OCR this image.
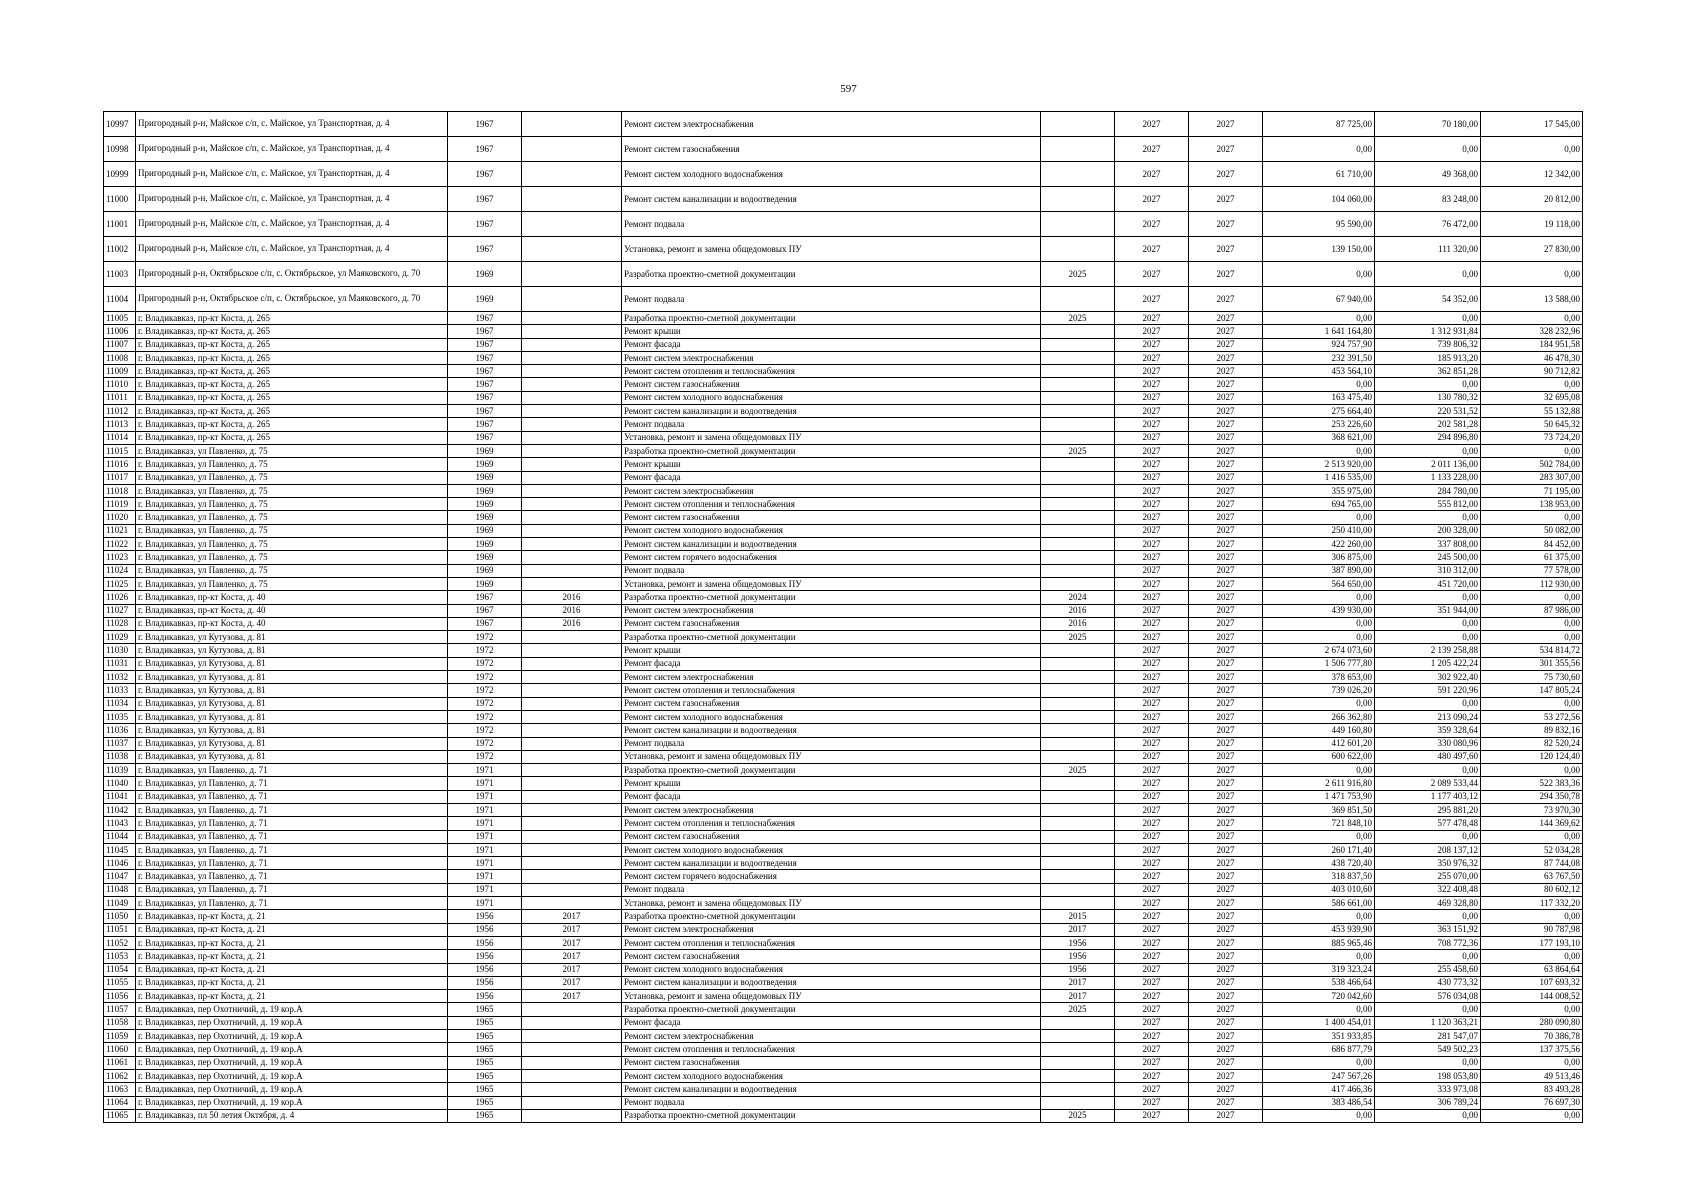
597
10997	Пригородный р-н, Майское с/п, с. Майское, ул Транспортная, д. 4	1967		Ремонт систем электроснабжения		2027	2027	87 725,00	70 180,00	17 545,00
10998	Пригородный р-н, Майское с/п, с. Майское, ул Транспортная, д. 4	1967		Ремонт систем газоснабжения		2027	2027	0,00	0,00	0,00
10999	Пригородный р-н, Майское с/п, с. Майское, ул Транспортная, д. 4	1967		Ремонт систем холодного водоснабжения		2027	2027	61 710,00	49 368,00	12 342,00
11000	Пригородный р-н, Майское с/п, с. Майское, ул Транспортная, д. 4	1967		Ремонт систем канализации и водоотведения		2027	2027	104 060,00	83 248,00	20 812,00
11001	Пригородный р-н, Майское с/п, с. Майское, ул Транспортная, д. 4	1967		Ремонт подвала		2027	2027	95 590,00	76 472,00	19 118,00
11002	Пригородный р-н, Майское с/п, с. Майское, ул Транспортная, д. 4	1967		Установка, ремонт и замена общедомовых ПУ		2027	2027	139 150,00	111 320,00	27 830,00
11003	Пригородный р-н, Октябрьское с/п, с. Октябрьское, ул Маяковского, д. 70	1969		Разработка проектно-сметной документации	2025	2027	2027	0,00	0,00	0,00
11004	Пригородный р-н, Октябрьское с/п, с. Октябрьское, ул Маяковского, д. 70	1969		Ремонт подвала		2027	2027	67 940,00	54 352,00	13 588,00
11005	г. Владикавказ, пр-кт Коста, д. 265	1967		Разработка проектно-сметной документации	2025	2027	2027	0,00	0,00	0,00
11006	г. Владикавказ, пр-кт Коста, д. 265	1967		Ремонт крыши		2027	2027	1 641 164,80	1 312 931,84	328 232,96
11007	г. Владикавказ, пр-кт Коста, д. 265	1967		Ремонт фасада		2027	2027	924 757,90	739 806,32	184 951,58
11008	г. Владикавказ, пр-кт Коста, д. 265	1967		Ремонт систем электроснабжения		2027	2027	232 391,50	185 913,20	46 478,30
11009	г. Владикавказ, пр-кт Коста, д. 265	1967		Ремонт систем отопления и теплоснабжения		2027	2027	453 564,10	362 851,28	90 712,82
11010	г. Владикавказ, пр-кт Коста, д. 265	1967		Ремонт систем газоснабжения		2027	2027	0,00	0,00	0,00
11011	г. Владикавказ, пр-кт Коста, д. 265	1967		Ремонт систем холодного водоснабжения		2027	2027	163 475,40	130 780,32	32 695,08
11012	г. Владикавказ, пр-кт Коста, д. 265	1967		Ремонт систем канализации и водоотведения		2027	2027	275 664,40	220 531,52	55 132,88
11013	г. Владикавказ, пр-кт Коста, д. 265	1967		Ремонт подвала		2027	2027	253 226,60	202 581,28	50 645,32
11014	г. Владикавказ, пр-кт Коста, д. 265	1967		Установка, ремонт и замена общедомовых ПУ		2027	2027	368 621,00	294 896,80	73 724,20
11015	г. Владикавказ, ул Павленко, д. 75	1969		Разработка проектно-сметной документации	2025	2027	2027	0,00	0,00	0,00
11016	г. Владикавказ, ул Павленко, д. 75	1969		Ремонт крыши		2027	2027	2 513 920,00	2 011 136,00	502 784,00
11017	г. Владикавказ, ул Павленко, д. 75	1969		Ремонт фасада		2027	2027	1 416 535,00	1 133 228,00	283 307,00
11018	г. Владикавказ, ул Павленко, д. 75	1969		Ремонт систем электроснабжения		2027	2027	355 975,00	284 780,00	71 195,00
11019	г. Владикавказ, ул Павленко, д. 75	1969		Ремонт систем отопления и теплоснабжения		2027	2027	694 765,00	555 812,00	138 953,00
11020	г. Владикавказ, ул Павленко, д. 75	1969		Ремонт систем газоснабжения		2027	2027	0,00	0,00	0,00
11021	г. Владикавказ, ул Павленко, д. 75	1969		Ремонт систем холодного водоснабжения		2027	2027	250 410,00	200 328,00	50 082,00
11022	г. Владикавказ, ул Павленко, д. 75	1969		Ремонт систем канализации и водоотведения		2027	2027	422 260,00	337 808,00	84 452,00
11023	г. Владикавказ, ул Павленко, д. 75	1969		Ремонт систем горячего водоснабжения		2027	2027	306 875,00	245 500,00	61 375,00
11024	г. Владикавказ, ул Павленко, д. 75	1969		Ремонт подвала		2027	2027	387 890,00	310 312,00	77 578,00
11025	г. Владикавказ, ул Павленко, д. 75	1969		Установка, ремонт и замена общедомовых ПУ		2027	2027	564 650,00	451 720,00	112 930,00
11026	г. Владикавказ, пр-кт Коста, д. 40	1967	2016	Разработка проектно-сметной документации	2024	2027	2027	0,00	0,00	0,00
11027	г. Владикавказ, пр-кт Коста, д. 40	1967	2016	Ремонт систем электроснабжения	2016	2027	2027	439 930,00	351 944,00	87 986,00
11028	г. Владикавказ, пр-кт Коста, д. 40	1967	2016	Ремонт систем газоснабжения	2016	2027	2027	0,00	0,00	0,00
11029	г. Владикавказ, ул Кутузова, д. 81	1972		Разработка проектно-сметной документации	2025	2027	2027	0,00	0,00	0,00
11030	г. Владикавказ, ул Кутузова, д. 81	1972		Ремонт крыши		2027	2027	2 674 073,60	2 139 258,88	534 814,72
11031	г. Владикавказ, ул Кутузова, д. 81	1972		Ремонт фасада		2027	2027	1 506 777,80	1 205 422,24	301 355,56
11032	г. Владикавказ, ул Кутузова, д. 81	1972		Ремонт систем электроснабжения		2027	2027	378 653,00	302 922,40	75 730,60
11033	г. Владикавказ, ул Кутузова, д. 81	1972		Ремонт систем отопления и теплоснабжения		2027	2027	739 026,20	591 220,96	147 805,24
11034	г. Владикавказ, ул Кутузова, д. 81	1972		Ремонт систем газоснабжения		2027	2027	0,00	0,00	0,00
11035	г. Владикавказ, ул Кутузова, д. 81	1972		Ремонт систем холодного водоснабжения		2027	2027	266 362,80	213 090,24	53 272,56
11036	г. Владикавказ, ул Кутузова, д. 81	1972		Ремонт систем канализации и водоотведения		2027	2027	449 160,80	359 328,64	89 832,16
11037	г. Владикавказ, ул Кутузова, д. 81	1972		Ремонт подвала		2027	2027	412 601,20	330 080,96	82 520,24
11038	г. Владикавказ, ул Кутузова, д. 81	1972		Установка, ремонт и замена общедомовых ПУ		2027	2027	600 622,00	480 497,60	120 124,40
11039	г. Владикавказ, ул Павленко, д. 71	1971		Разработка проектно-сметной документации	2025	2027	2027	0,00	0,00	0,00
11040	г. Владикавказ, ул Павленко, д. 71	1971		Ремонт крыши		2027	2027	2 611 916,80	2 089 533,44	522 383,36
11041	г. Владикавказ, ул Павленко, д. 71	1971		Ремонт фасада		2027	2027	1 471 753,90	1 177 403,12	294 350,78
11042	г. Владикавказ, ул Павленко, д. 71	1971		Ремонт систем электроснабжения		2027	2027	369 851,50	295 881,20	73 970,30
11043	г. Владикавказ, ул Павленко, д. 71	1971		Ремонт систем отопления и теплоснабжения		2027	2027	721 848,10	577 478,48	144 369,62
11044	г. Владикавказ, ул Павленко, д. 71	1971		Ремонт систем газоснабжения		2027	2027	0,00	0,00	0,00
11045	г. Владикавказ, ул Павленко, д. 71	1971		Ремонт систем холодного водоснабжения		2027	2027	260 171,40	208 137,12	52 034,28
11046	г. Владикавказ, ул Павленко, д. 71	1971		Ремонт систем канализации и водоотведения		2027	2027	438 720,40	350 976,32	87 744,08
11047	г. Владикавказ, ул Павленко, д. 71	1971		Ремонт систем горячего водоснабжения		2027	2027	318 837,50	255 070,00	63 767,50
11048	г. Владикавказ, ул Павленко, д. 71	1971		Ремонт подвала		2027	2027	403 010,60	322 408,48	80 602,12
11049	г. Владикавказ, ул Павленко, д. 71	1971		Установка, ремонт и замена общедомовых ПУ		2027	2027	586 661,00	469 328,80	117 332,20
11050	г. Владикавказ, пр-кт Коста, д. 21	1956	2017	Разработка проектно-сметной документации	2015	2027	2027	0,00	0,00	0,00
11051	г. Владикавказ, пр-кт Коста, д. 21	1956	2017	Ремонт систем электроснабжения	2017	2027	2027	453 939,90	363 151,92	90 787,98
11052	г. Владикавказ, пр-кт Коста, д. 21	1956	2017	Ремонт систем отопления и теплоснабжения	1956	2027	2027	885 965,46	708 772,36	177 193,10
11053	г. Владикавказ, пр-кт Коста, д. 21	1956	2017	Ремонт систем газоснабжения	1956	2027	2027	0,00	0,00	0,00
11054	г. Владикавказ, пр-кт Коста, д. 21	1956	2017	Ремонт систем холодного водоснабжения	1956	2027	2027	319 323,24	255 458,60	63 864,64
11055	г. Владикавказ, пр-кт Коста, д. 21	1956	2017	Ремонт систем канализации и водоотведения	2017	2027	2027	538 466,64	430 773,32	107 693,32
11056	г. Владикавказ, пр-кт Коста, д. 21	1956	2017	Установка, ремонт и замена общедомовых ПУ	2017	2027	2027	720 042,60	576 034,08	144 008,52
11057	г. Владикавказ, пер Охотничий, д. 19 кор.А	1965		Разработка проектно-сметной документации	2025	2027	2027	0,00	0,00	0,00
11058	г. Владикавказ, пер Охотничий, д. 19 кор.А	1965		Ремонт фасада		2027	2027	1 400 454,01	1 120 363,21	280 090,80
11059	г. Владикавказ, пер Охотничий, д. 19 кор.А	1965		Ремонт систем электроснабжения		2027	2027	351 933,85	281 547,07	70 386,78
11060	г. Владикавказ, пер Охотничий, д. 19 кор.А	1965		Ремонт систем отопления и теплоснабжения		2027	2027	686 877,79	549 502,23	137 375,56
11061	г. Владикавказ, пер Охотничий, д. 19 кор.А	1965		Ремонт систем газоснабжения		2027	2027	0,00	0,00	0,00
11062	г. Владикавказ, пер Охотничий, д. 19 кор.А	1965		Ремонт систем холодного водоснабжения		2027	2027	247 567,26	198 053,80	49 513,46
11063	г. Владикавказ, пер Охотничий, д. 19 кор.А	1965		Ремонт систем канализации и водоотведения		2027	2027	417 466,36	333 973,08	83 493,28
11064	г. Владикавказ, пер Охотничий, д. 19 кор.А	1965		Ремонт подвала		2027	2027	383 486,54	306 789,24	76 697,30
11065	г. Владикавказ, пл 50 летия Октября, д. 4	1965		Разработка проектно-сметной документации	2025	2027	2027	0,00	0,00	0,00
